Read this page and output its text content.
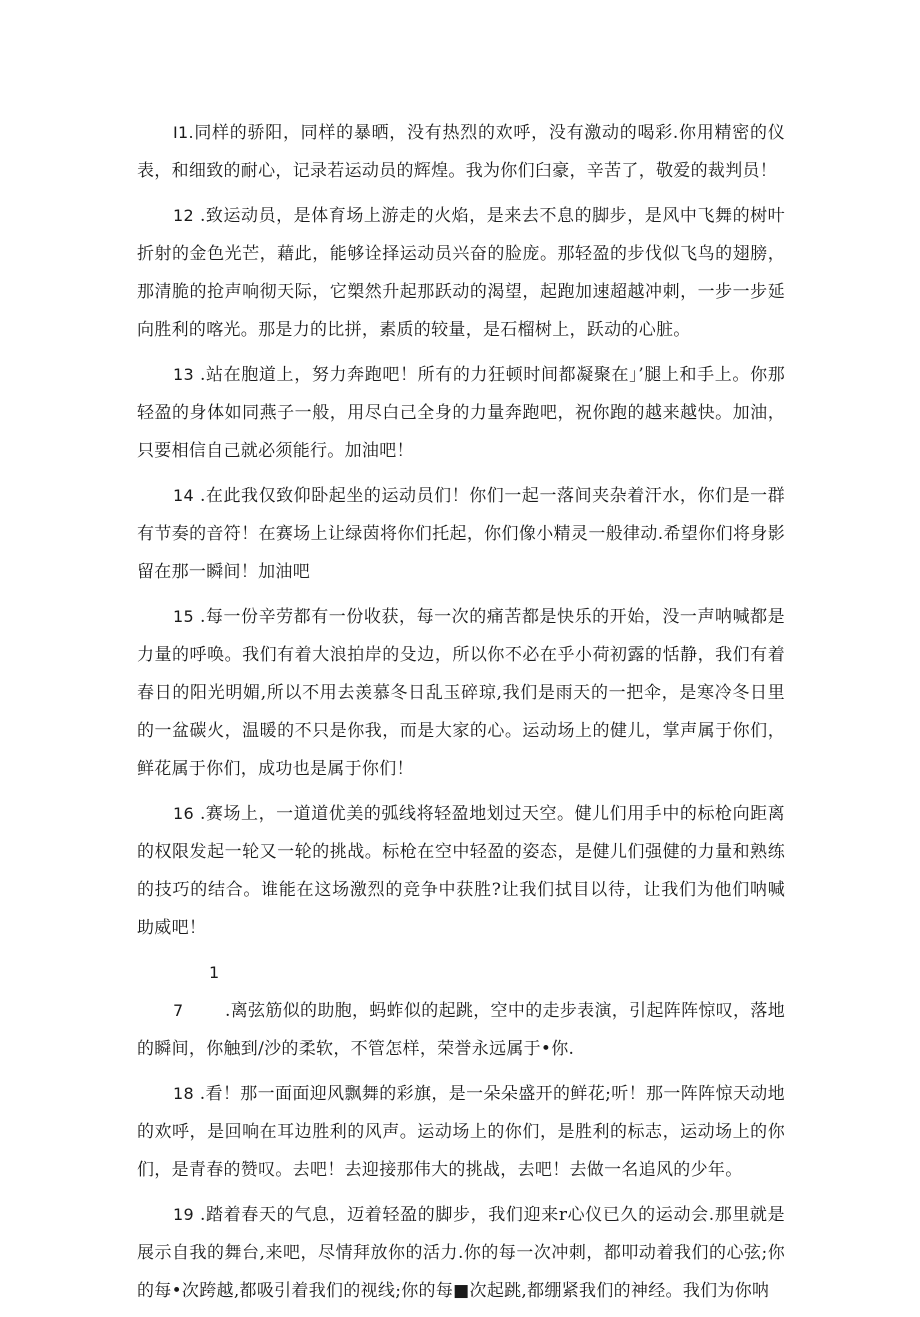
I1.同样的骄阳，同样的暴晒，没有热烈的欢呼，没有激动的喝彩.你用精密的仪表，和细致的耐心，记录若运动员的辉煌。我为你们臼豪，辛苦了，敬爱的裁判员！

12 .致运动员，是体育场上游走的火焰，是来去不息的脚步，是风中飞舞的树叶折射的金色光芒，藉此，能够诠择运动员兴奋的脸庞。那轻盈的步伐似飞鸟的翅膀，那清脆的抢声响彻天际，它槊然升起那跃动的渴望，起跑加速超越冲刺，一步一步延向胜利的喀光。那是力的比拼，素质的较量，是石榴树上，跃动的心脏。

13 .站在胞道上，努力奔跑吧！所有的力狂顿时间都凝聚在」’腿上和手上。你那轻盈的身体如同燕子一般，用尽白己全身的力量奔跑吧，祝你跑的越来越快。加油，只要相信自己就必须能行。加油吧！

14 .在此我仅致仰卧起坐的运动员们！你们一起一落间夹杂着汗水，你们是一群有节奏的音符！在赛场上让绿茵将你们托起，你们像小精灵一般律动.希望你们将身影留在那一瞬间！加油吧

15 .每一份辛劳都有一份收获，每一次的痛苦都是快乐的开始，没一声呐喊都是力量的呼唤。我们有着大浪拍岸的殳边，所以你不必在乎小荷初露的恬静，我们有着春日的阳光明媚,所以不用去羡慕冬日乱玉碎琼,我们是雨天的一把伞，是寒冷冬日里的一盆碳火，温暖的不只是你我，而是大家的心。运动场上的健儿，掌声属于你们，鲜花属于你们，成功也是属于你们！

16 .赛场上，一道道优美的弧线将轻盈地划过天空。健儿们用手中的标枪向距离的权限发起一轮又一轮的挑战。标枪在空中轻盈的姿态，是健儿们强健的力量和熟练的技巧的结合。谁能在这场激烈的竞争中获胜?让我们拭目以待，让我们为他们呐喊助威吧！

17 .离弦筋似的助胞，蚂蚱似的起跳，空中的走步表演，引起阵阵惊叹，落地的瞬间，你触到/沙的柔软，不管怎样，荣誉永远属于•你.

18 .看！那一面面迎风飘舞的彩旗，是一朵朵盛开的鲜花;听！那一阵阵惊天动地的欢呼，是回响在耳边胜利的风声。运动场上的你们，是胜利的标志，运动场上的你们，是青春的赞叹。去吧！去迎接那伟大的挑战，去吧！去做一名追风的少年。

19 .踏着春天的气息，迈着轻盈的脚步，我们迎来r心仪已久的运动会.那里就是展示自我的舞台,来吧，尽情拜放你的活力.你的每一次冲刺，都叩动着我们的心弦;你的每•次跨越,都吸引着我们的视线;你的每■次起跳,都绷紧我们的神经。我们为你呐
